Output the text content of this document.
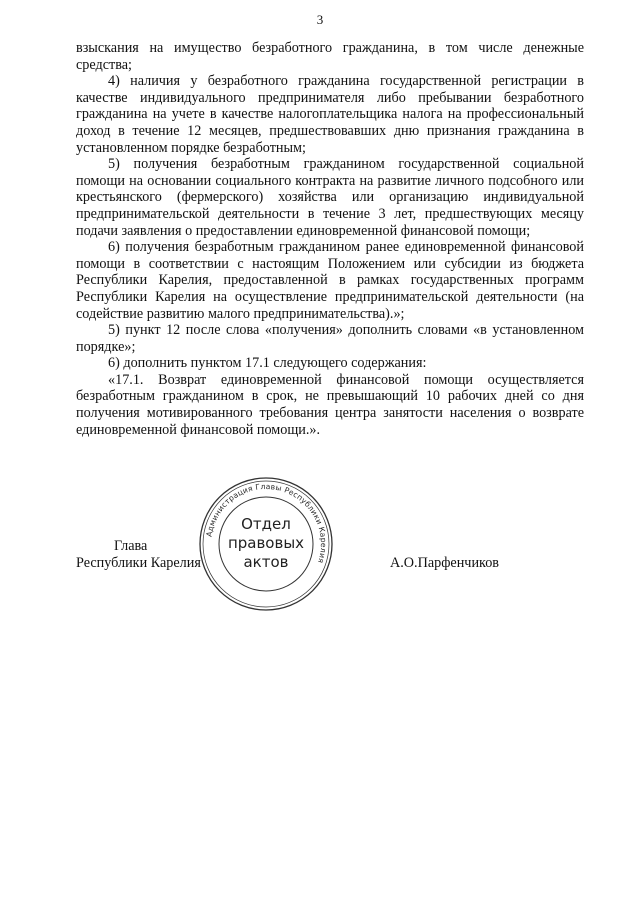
3

взыскания на имущество безработного гражданина, в том числе денежные средства;

4) наличия у безработного гражданина государственной регистрации в качестве индивидуального предпринимателя либо пребывании безработного гражданина на учете в качестве налогоплательщика налога на профессиональный доход в течение 12 месяцев, предшествовавших дню признания гражданина в установленном порядке безработным;

5) получения безработным гражданином государственной социальной помощи на основании социального контракта на развитие личного подсобного или крестьянского (фермерского) хозяйства или организацию индивидуальной предпринимательской деятельности в течение 3 лет, предшествующих месяцу подачи заявления о предоставлении единовременной финансовой помощи;

6) получения безработным гражданином ранее единовременной финансовой помощи в соответствии с настоящим Положением или субсидии из бюджета Республики Карелия, предоставленной в рамках государственных программ Республики Карелия на осуществление предпринимательской деятельности (на содействие развитию малого предпринимательства).»;

5) пункт 12 после слова «получения» дополнить словами «в установленном порядке»;

6) дополнить пунктом 17.1 следующего содержания:

«17.1. Возврат единовременной финансовой помощи осуществляется безработным гражданином в срок, не превышающий 10 рабочих дней со дня получения мотивированного требования центра занятости населения о возврате единовременной финансовой помощи.».

Глава
Республики Карелия	А.О.Парфенчиков
Администрация Главы Республики Карелия
Отдел
правовых
актов
